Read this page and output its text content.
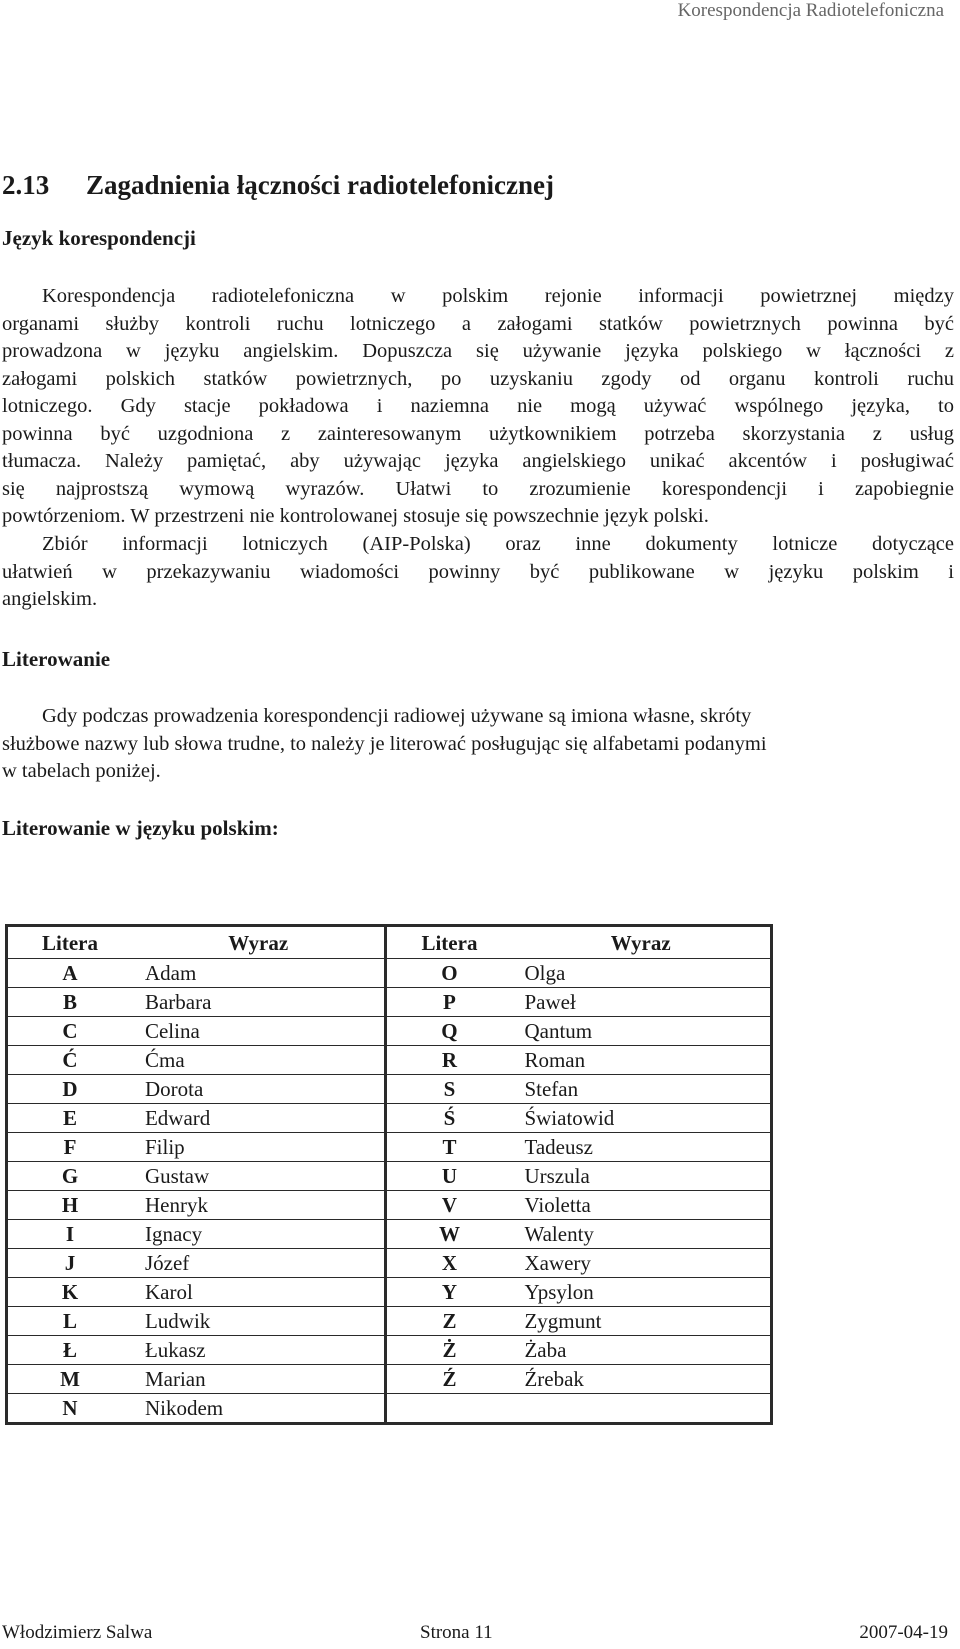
Korespondencja Radiotelefoniczna
2.13 Zagadnienia łączności radiotelefonicznej
Język korespondencji
Korespondencja radiotelefoniczna w polskim rejonie informacji powietrznej między
organami służby kontroli ruchu lotniczego a załogami statków powietrznych powinna być
prowadzona w języku angielskim. Dopuszcza się używanie języka polskiego w łączności z
załogami polskich statków powietrznych, po uzyskaniu zgody od organu kontroli ruchu
lotniczego. Gdy stacje pokładowa i naziemna nie mogą używać wspólnego języka, to
powinna być uzgodniona z zainteresowanym użytkownikiem potrzeba skorzystania z usług
tłumacza. Należy pamiętać, aby używając języka angielskiego unikać akcentów i posługiwać
się najprostszą wymową wyrazów. Ułatwi to zrozumienie korespondencji i zapobiegnie
powtórzeniom. W przestrzeni nie kontrolowanej stosuje się powszechnie język polski.
Zbiór informacji lotniczych (AIP-Polska) oraz inne dokumenty lotnicze dotyczące
ułatwień w przekazywaniu wiadomości powinny być publikowane w języku polskim i
angielskim.
Literowanie
Gdy podczas prowadzenia korespondencji radiowej używane są imiona własne, skróty
służbowe nazwy lub słowa trudne, to należy je literować posługując się alfabetami podanymi
w tabelach poniżej.
Literowanie w języku polskim:
Litera	Wyraz	Litera	Wyraz
A	Adam	O	Olga
B	Barbara	P	Paweł
C	Celina	Q	Qantum
Ć	Ćma	R	Roman
D	Dorota	S	Stefan
E	Edward	Ś	Światowid
F	Filip	T	Tadeusz
G	Gustaw	U	Urszula
H	Henryk	V	Violetta
I	Ignacy	W	Walenty
J	Józef	X	Xawery
K	Karol	Y	Ypsylon
L	Ludwik	Z	Zygmunt
Ł	Łukasz	Ż	Żaba
M	Marian	Ź	Źrebak
N	Nikodem		
Włodzimierz Salwa	Strona 11	2007-04-19
